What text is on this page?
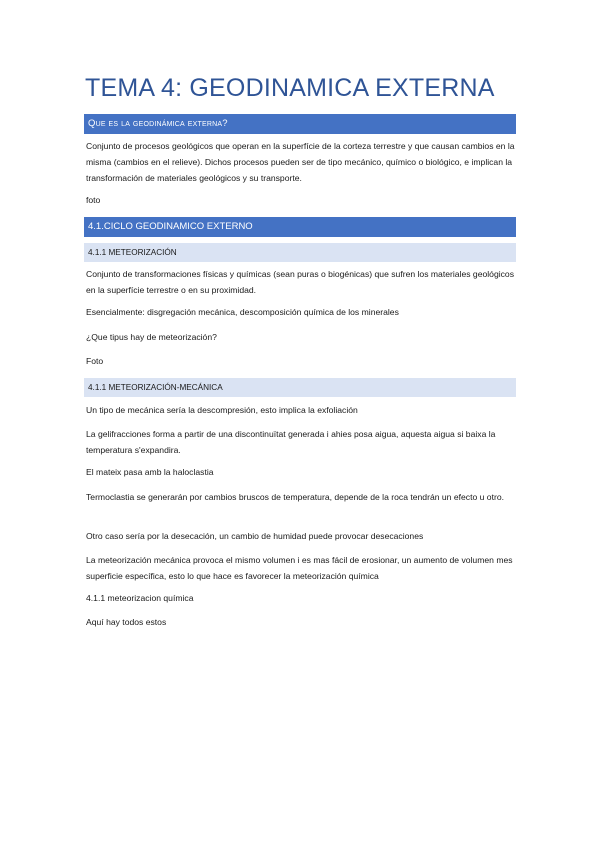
TEMA 4: GEODINAMICA EXTERNA
Que es la geodinámica externa?
Conjunto de procesos geológicos que operan en la superfície de la corteza terrestre y que causan cambios en la misma (cambios en el relieve). Dichos procesos pueden ser de tipo mecánico, químico o biológico, e implican la transformación de materiales geológicos y su transporte.
foto
4.1.CICLO GEODINAMICO EXTERNO
4.1.1 METEORIZACIÓN
Conjunto de transformaciones físicas y químicas (sean puras o biogénicas) que sufren los materiales geológicos en la superfície terrestre o en su proximidad.
Esencialmente: disgregación mecánica, descomposición química de los minerales
¿Que tipus hay de meteorización?
Foto
4.1.1 METEORIZACIÓN-MECÁNICA
Un tipo de mecánica sería la descompresión, esto implica la exfoliación
La gelifracciones forma a partir de una discontinuïtat generada i ahies posa aigua, aquesta aigua si baixa la temperatura s'expandira.
El mateix pasa amb la haloclastia
Termoclastia se generarán por cambios bruscos de temperatura, depende de la roca tendrán un efecto u otro.
Otro caso sería por la desecación, un cambio de humidad puede provocar desecaciones
La meteorización mecánica provoca el mismo volumen i es mas fácil de erosionar, un aumento de volumen mes superficie específica, esto lo que hace es favorecer la meteorización química
4.1.1 meteorizacion química
Aquí hay todos estos
